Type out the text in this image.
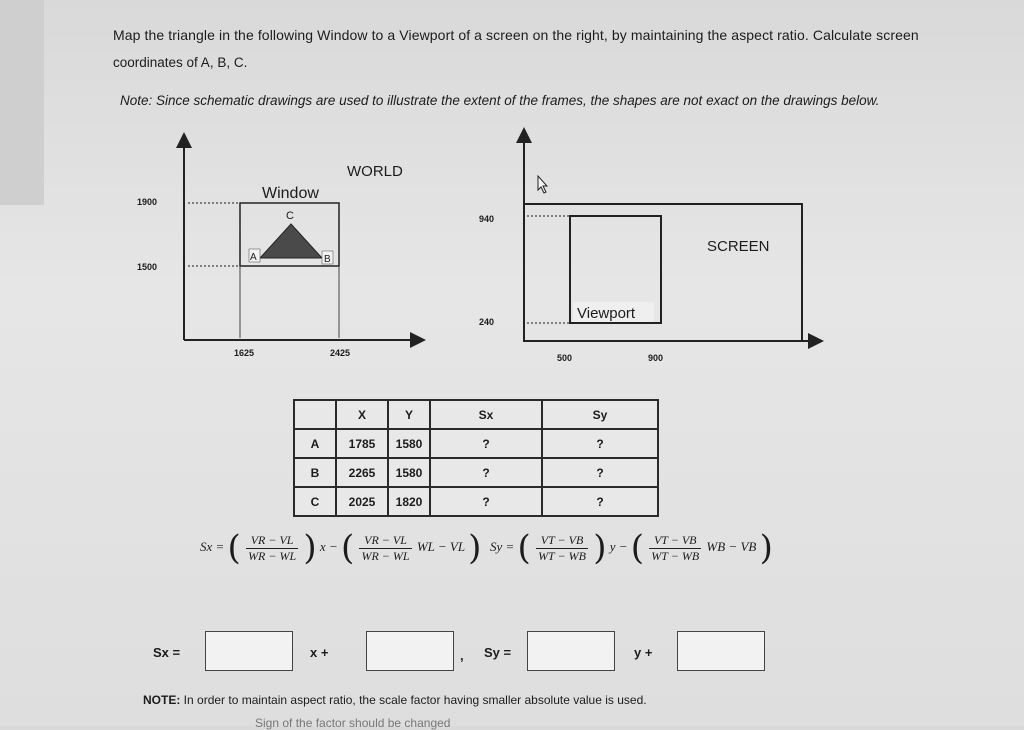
Map the triangle in the following Window to a Viewport of a screen on the right, by maintaining the aspect ratio. Calculate screen
coordinates of A, B, C.
Note: Since schematic drawings are used to illustrate the extent of the frames, the shapes are not exact on the drawings below.
WORLD
Window
1900
1500
1625	2425
A	B
C
SCREEN
Viewport
940
240
500	900
	X	Y	Sx	Sy
A	1785	1580	?	?
B	2265	1580	?	?
C	2025	1820	?	?
Sx = ( $\frac{VR - VL}{WR - WL}$ ) x − ( $\frac{VR - VL}{WR - WL}$ WL − VL ) Sy = ( $\frac{VT - VB}{WT - WB}$ ) y − ( $\frac{VT - VB}{WT - WB}$ WB − VB )
Sx =	x +	, Sy =	y +
NOTE: In order to maintain aspect ratio, the scale factor having smaller absolute value is used.
Sign of the factor should be changed
